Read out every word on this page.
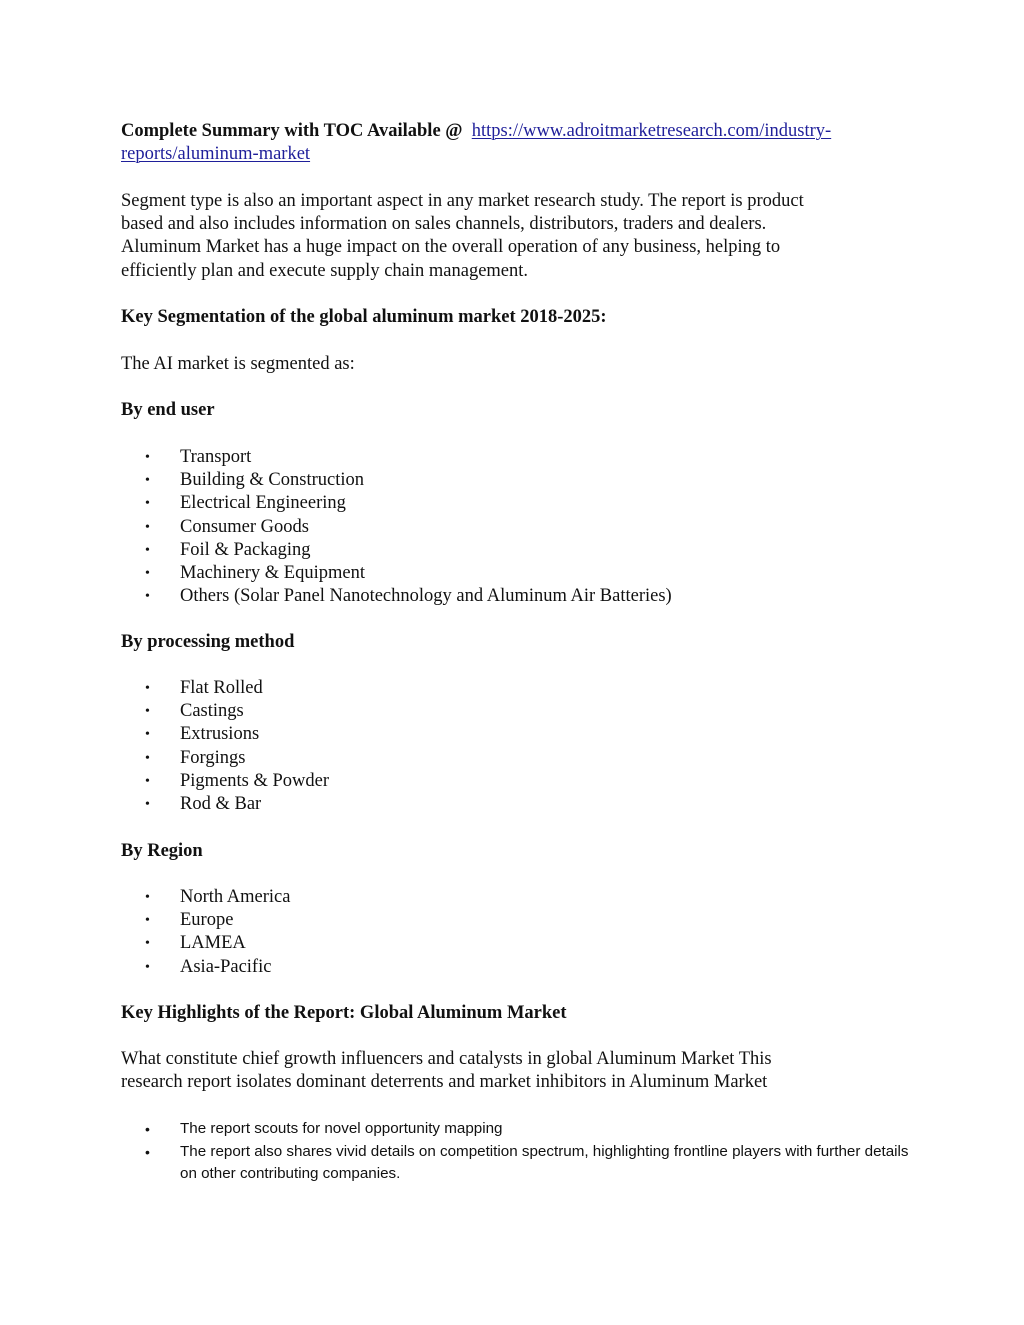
Complete Summary with TOC Available @ https://www.adroitmarketresearch.com/industry-
reports/aluminum-market

Segment type is also an important aspect in any market research study. The report is product
based and also includes information on sales channels, distributors, traders and dealers.
Aluminum Market has a huge impact on the overall operation of any business, helping to
efficiently plan and execute supply chain management.

Key Segmentation of the global aluminum market 2018-2025:

The AI market is segmented as:

By end user

• Transport
• Building & Construction
• Electrical Engineering
• Consumer Goods
• Foil & Packaging
• Machinery & Equipment
• Others (Solar Panel Nanotechnology and Aluminum Air Batteries)

By processing method

• Flat Rolled
• Castings
• Extrusions
• Forgings
• Pigments & Powder
• Rod & Bar

By Region

• North America
• Europe
• LAMEA
• Asia-Pacific

Key Highlights of the Report: Global Aluminum Market

What constitute chief growth influencers and catalysts in global Aluminum Market This
research report isolates dominant deterrents and market inhibitors in Aluminum Market

• The report scouts for novel opportunity mapping
• The report also shares vivid details on competition spectrum, highlighting frontline players with further details on other contributing companies.
